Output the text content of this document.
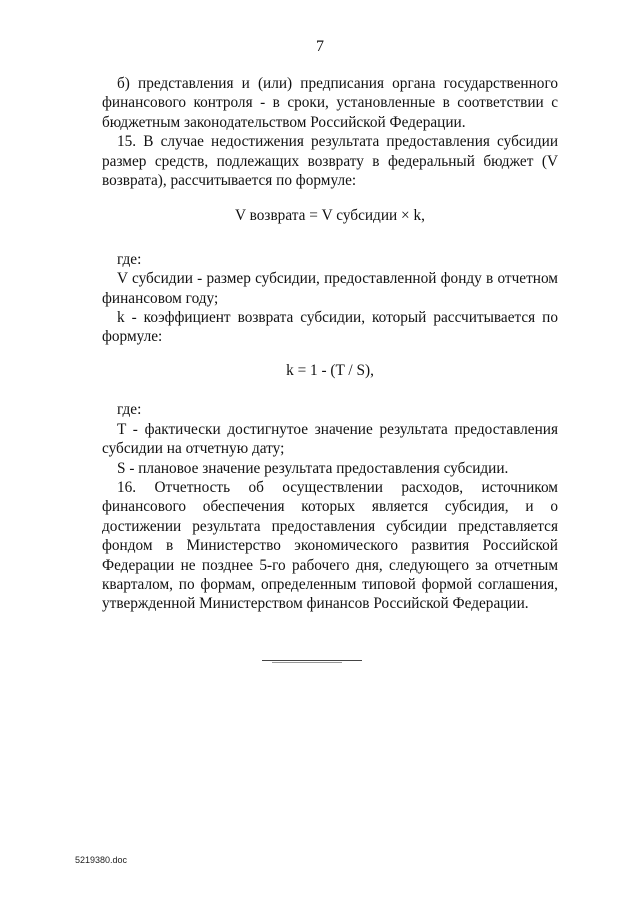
7

б) представления и (или) предписания органа государственного финансового контроля - в сроки, установленные в соответствии с бюджетным законодательством Российской Федерации.

15. В случае недостижения результата предоставления субсидии размер средств, подлежащих возврату в федеральный бюджет (V возврата), рассчитывается по формуле:

V возврата = V субсидии × k,

где:

V субсидии - размер субсидии, предоставленной фонду в отчетном финансовом году;

k - коэффициент возврата субсидии, который рассчитывается по формуле:

k = 1 - (T / S),

где:

T - фактически достигнутое значение результата предоставления субсидии на отчетную дату;

S - плановое значение результата предоставления субсидии.

16. Отчетность об осуществлении расходов, источником финансового обеспечения которых является субсидия, и о достижении результата предоставления субсидии представляется фондом в Министерство экономического развития Российской Федерации не позднее 5-го рабочего дня, следующего за отчетным кварталом, по формам, определенным типовой формой соглашения, утвержденной Министерством финансов Российской Федерации.

5219380.doc
